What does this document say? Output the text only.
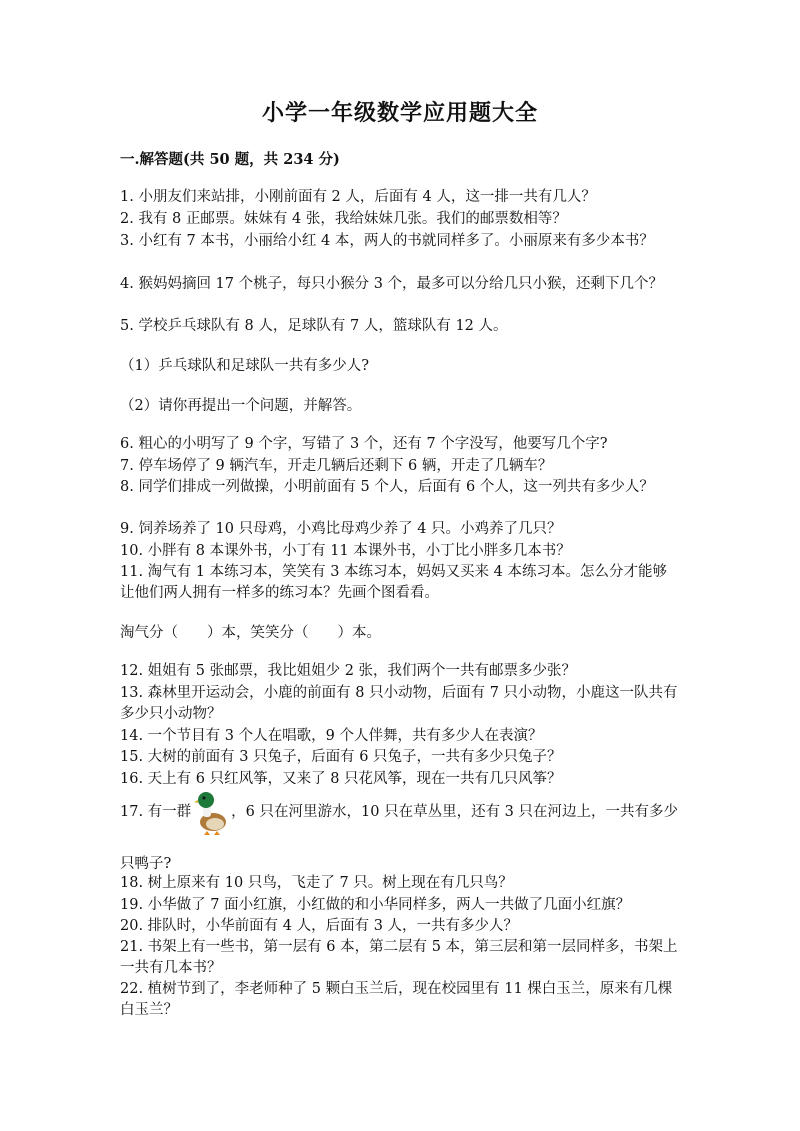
小学一年级数学应用题大全
一.解答题(共 50 题，共 234 分)
1. 小朋友们来站排，小刚前面有 2 人，后面有 4 人，这一排一共有几人？
2. 我有 8 正邮票。妹妹有 4 张，我给妹妹几张。我们的邮票数相等？
3. 小红有 7 本书，小丽给小红 4 本，两人的书就同样多了。小丽原来有多少本书？
4. 猴妈妈摘回 17 个桃子，每只小猴分 3 个，最多可以分给几只小猴，还剩下几个？
5. 学校乒乓球队有 8 人，足球队有 7 人，篮球队有 12 人。
（1）乒乓球队和足球队一共有多少人?
（2）请你再提出一个问题，并解答。
6. 粗心的小明写了 9 个字，写错了 3 个，还有 7 个字没写，他要写几个字?
7. 停车场停了 9 辆汽车，开走几辆后还剩下 6 辆，开走了几辆车？
8. 同学们排成一列做操，小明前面有 5 个人，后面有 6 个人，这一列共有多少人？
9. 饲养场养了 10 只母鸡，小鸡比母鸡少养了 4 只。小鸡养了几只？
10. 小胖有 8 本课外书，小丁有 11 本课外书，小丁比小胖多几本书？
11. 淘气有 1 本练习本，笑笑有 3 本练习本，妈妈又买来 4 本练习本。怎么分才能够让他们两人拥有一样多的练习本？先画个图看看。
淘气分（　　）本，笑笑分（　　）本。
12. 姐姐有 5 张邮票，我比姐姐少 2 张，我们两个一共有邮票多少张？
13. 森林里开运动会，小鹿的前面有 8 只小动物，后面有 7 只小动物，小鹿这一队共有多少只小动物？
14. 一个节目有 3 个人在唱歌，9 个人伴舞，共有多少人在表演？
15. 大树的前面有 3 只兔子，后面有 6 只兔子，一共有多少只兔子？
16. 天上有 6 只红风筝，又来了 8 只花风筝，现在一共有几只风筝？
17. 有一群	，6 只在河里游水，10 只在草丛里，还有 3 只在河边上，一共有多少只鸭子?
18. 树上原来有 10 只鸟，飞走了 7 只。树上现在有几只鸟？
19. 小华做了 7 面小红旗，小红做的和小华同样多，两人一共做了几面小红旗？
20. 排队时，小华前面有 4 人，后面有 3 人，一共有多少人？
21. 书架上有一些书，第一层有 6 本，第二层有 5 本，第三层和第一层同样多，书架上一共有几本书？
22. 植树节到了，李老师种了 5 颗白玉兰后，现在校园里有 11 棵白玉兰，原来有几棵白玉兰？
